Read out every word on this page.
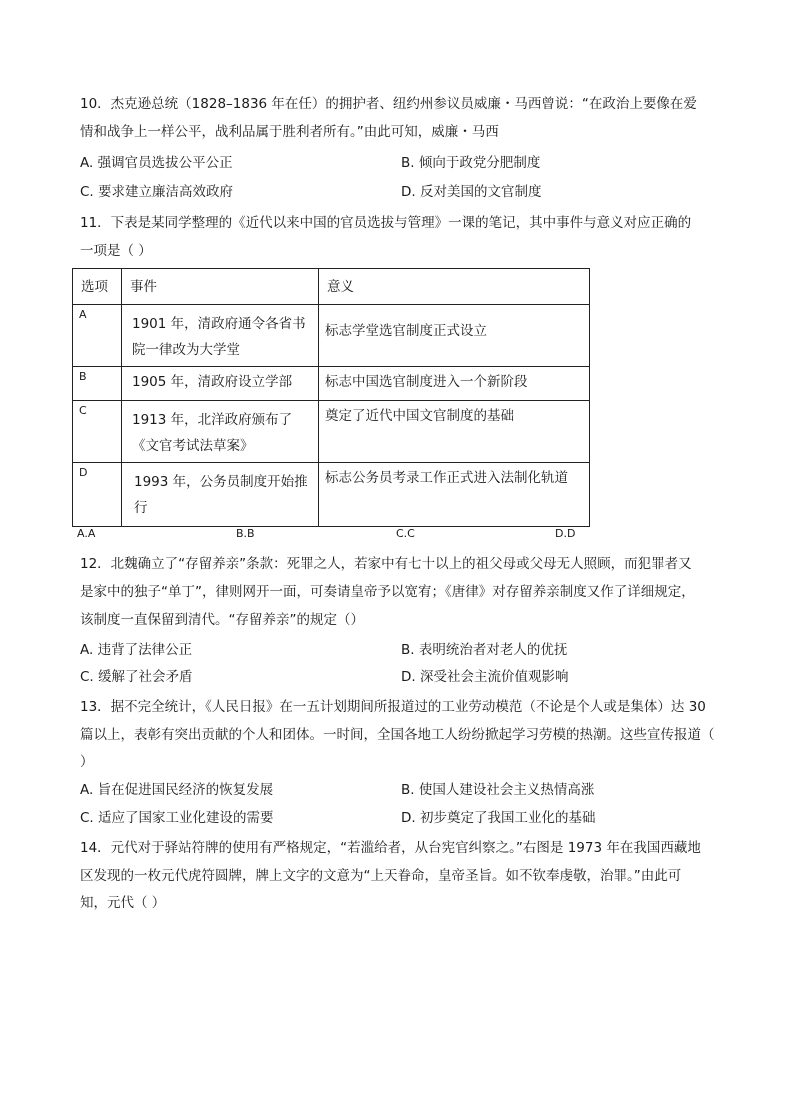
10．杰克逊总统（1828–1836 年在任）的拥护者、纽约州参议员威廉・马西曾说：“在政治上要像在爱
情和战争上一样公平，战利品属于胜利者所有。”由此可知，威廉・马西
A. 强调官员选拔公平公正	B. 倾向于政党分肥制度
C. 要求建立廉洁高效政府	D. 反对美国的文官制度
11．下表是某同学整理的《近代以来中国的官员选拔与管理》一课的笔记，其中事件与意义对应正确的
一项是（ ）
选项	事件	意义
A	1901 年，清政府通令各省书院一律改为大学堂	标志学堂选官制度正式设立
B	1905 年，清政府设立学部	标志中国选官制度进入一个新阶段
C	1913 年，北洋政府颁布了《文官考试法草案》	奠定了近代中国文官制度的基础
D	1993 年，公务员制度开始推行	标志公务员考录工作正式进入法制化轨道
A.A	B.B	C.C	D.D
12．北魏确立了“存留养亲”条款：死罪之人，若家中有七十以上的祖父母或父母无人照顾，而犯罪者又
是家中的独子“单丁”，律则网开一面，可奏请皇帝予以宽宥；《唐律》对存留养亲制度又作了详细规定，
该制度一直保留到清代。“存留养亲”的规定（）
A. 违背了法律公正	B. 表明统治者对老人的优抚
C. 缓解了社会矛盾	D. 深受社会主流价值观影响
13．据不完全统计，《人民日报》在一五计划期间所报道过的工业劳动模范（不论是个人或是集体）达 30
篇以上，表彰有突出贡献的个人和团体。一时间，全国各地工人纷纷掀起学习劳模的热潮。这些宣传报道（
）
A. 旨在促进国民经济的恢复发展	B. 使国人建设社会主义热情高涨
C. 适应了国家工业化建设的需要	D. 初步奠定了我国工业化的基础
14．元代对于驿站符牌的使用有严格规定，“若滥给者，从台宪官纠察之。”右图是 1973 年在我国西藏地
区发现的一枚元代虎符圆牌，牌上文字的文意为“上天眷命，皇帝圣旨。如不钦奉虔敬，治罪。”由此可
知，元代（ ）
